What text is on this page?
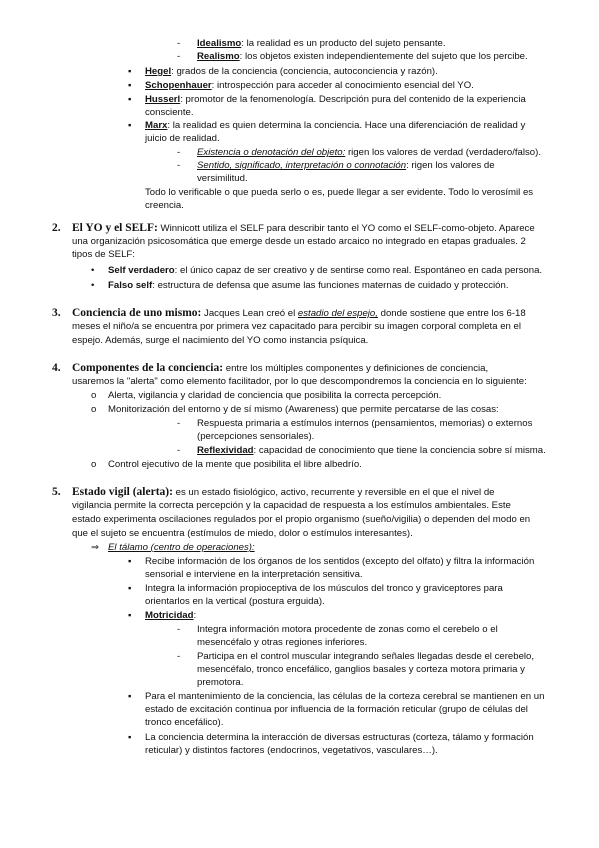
- Idealismo: la realidad es un producto del sujeto pensante.
- Realismo: los objetos existen independientemente del sujeto que los percibe.
▪ Hegel: grados de la conciencia (conciencia, autoconciencia y razón).
▪ Schopenhauer: introspección para acceder al conocimiento esencial del YO.
▪ Husserl: promotor de la fenomenología. Descripción pura del contenido de la experiencia
consciente.
▪ Marx: la realidad es quien determina la conciencia. Hace una diferenciación de realidad y
juicio de realidad.
- Existencia o denotación del objeto: rigen los valores de verdad (verdadero/falso).
- Sentido, significado, interpretación o connotación: rigen los valores de
versimilitud.
Todo lo verificable o que pueda serlo o es, puede llegar a ser evidente. Todo lo verosímil es
creencia.
2. El YO y el SELF: Winnicott utiliza el SELF para describir tanto el YO como el SELF-como-objeto. Aparece
una organización psicosomática que emerge desde un estado arcaico no integrado en etapas graduales. 2
tipos de SELF:
• Self verdadero: el único capaz de ser creativo y de sentirse como real. Espontáneo en cada persona.
• Falso self: estructura de defensa que asume las funciones maternas de cuidado y protección.
3. Conciencia de uno mismo: Jacques Lean creó el estadio del espejo, donde sostiene que entre los 6-18
meses el niño/a se encuentra por primera vez capacitado para percibir su imagen corporal completa en el
espejo. Además, surge el nacimiento del YO como instancia psíquica.
4. Componentes de la conciencia: entre los múltiples componentes y definiciones de conciencia,
usaremos la "alerta" como elemento facilitador, por lo que descompondremos la conciencia en lo siguiente:
o Alerta, vigilancia y claridad de conciencia que posibilita la correcta percepción.
o Monitorización del entorno y de sí mismo (Awareness) que permite percatarse de las cosas:
- Respuesta primaria a estímulos internos (pensamientos, memorias) o externos
(percepciones sensoriales).
- Reflexividad: capacidad de conocimiento que tiene la conciencia sobre sí misma.
o Control ejecutivo de la mente que posibilita el libre albedrío.
5. Estado vigil (alerta): es un estado fisiológico, activo, recurrente y reversible en el que el nivel de
vigilancia permite la correcta percepción y la capacidad de respuesta a los estímulos ambientales. Este
estado experimenta oscilaciones regulados por el propio organismo (sueño/vigilia) o dependen del modo en
que el sujeto se encuentra (estímulos de miedo, dolor o estímulos interesantes).
⇒ El tálamo (centro de operaciones):
▪ Recibe información de los órganos de los sentidos (excepto del olfato) y filtra la información
sensorial e interviene en la interpretación sensitiva.
▪ Integra la información propioceptiva de los músculos del tronco y graviceptores para
orientarlos en la vertical (postura erguida).
▪ Motricidad:
- Integra información motora procedente de zonas como el cerebelo o el
mesencéfalo y otras regiones inferiores.
- Participa en el control muscular integrando señales llegadas desde el cerebelo,
mesencéfalo, tronco encefálico, ganglios basales y corteza motora primaria y
premotora.
▪ Para el mantenimiento de la conciencia, las células de la corteza cerebral se mantienen en un
estado de excitación continua por influencia de la formación reticular (grupo de células del
tronco encefálico).
▪ La conciencia determina la interacción de diversas estructuras (corteza, tálamo y formación
reticular) y distintos factores (endocrinos, vegetativos, vasculares…).
